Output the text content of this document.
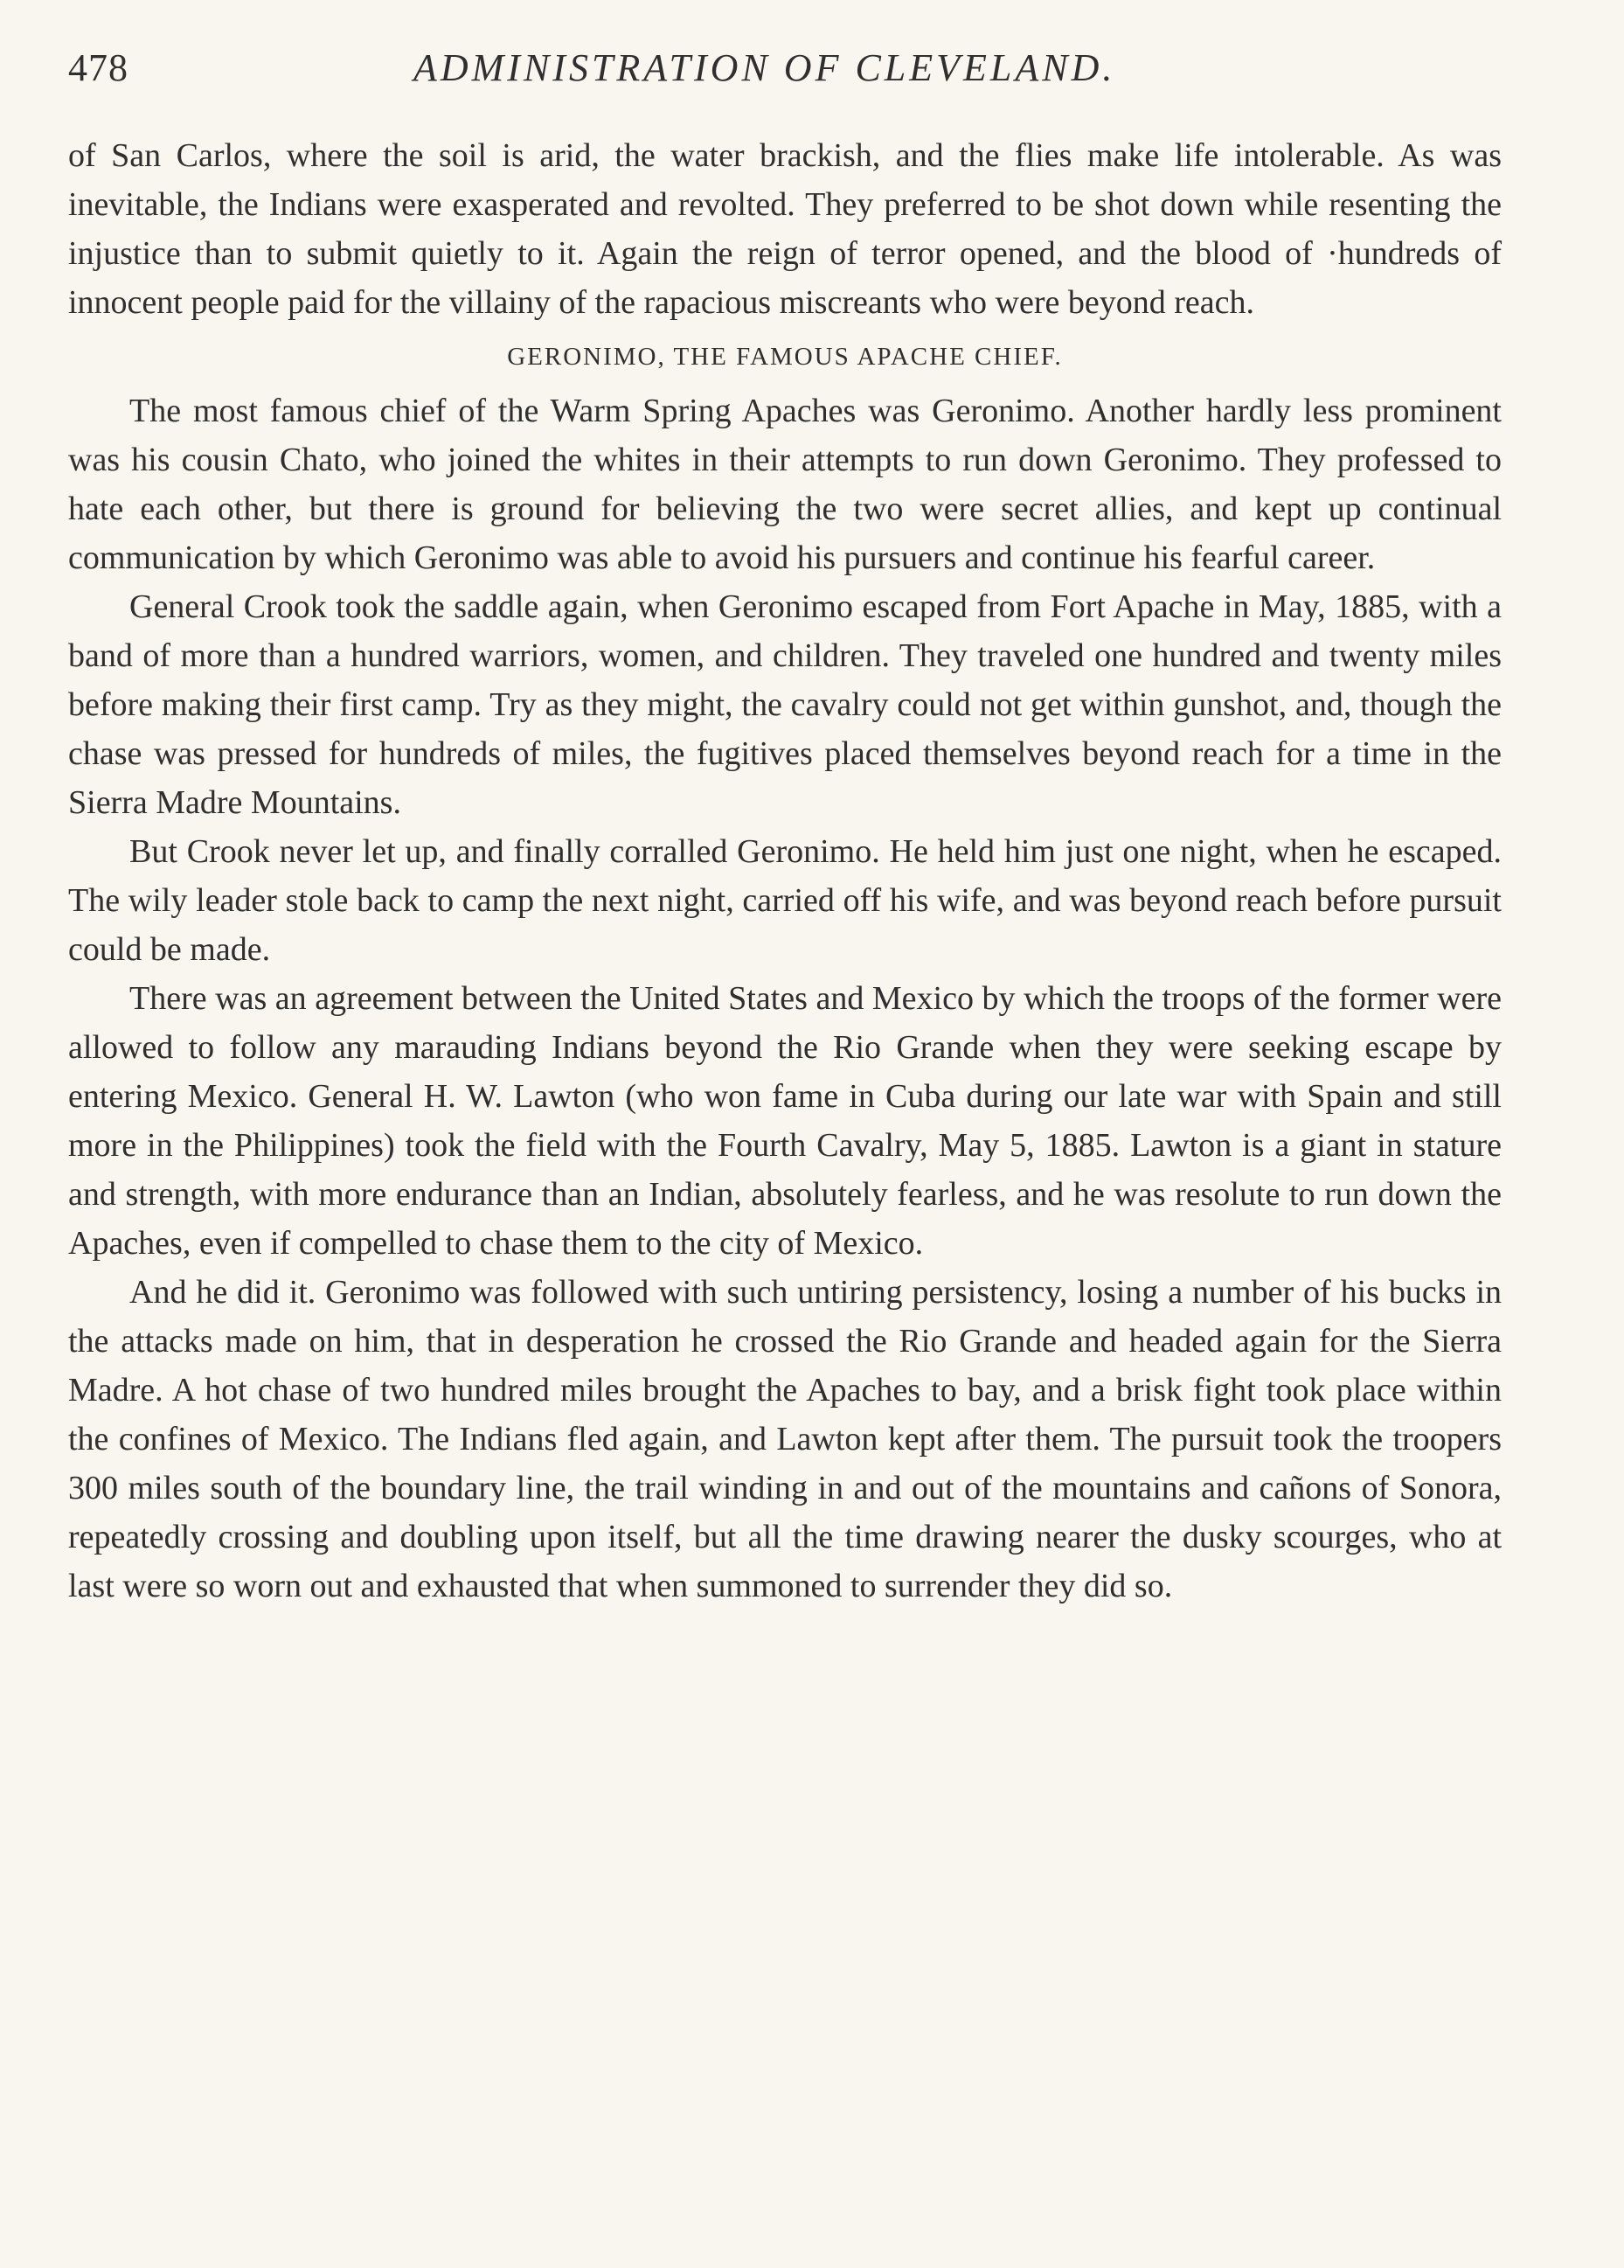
478	ADMINISTRATION OF CLEVELAND.

of San Carlos, where the soil is arid, the water brackish, and the flies make life intolerable. As was inevitable, the Indians were exasperated and revolted. They preferred to be shot down while resenting the injustice than to submit quietly to it. Again the reign of terror opened, and the blood of ·hundreds of innocent people paid for the villainy of the rapacious miscreants who were beyond reach.

GERONIMO, THE FAMOUS APACHE CHIEF.

The most famous chief of the Warm Spring Apaches was Geronimo. Another hardly less prominent was his cousin Chato, who joined the whites in their attempts to run down Geronimo. They professed to hate each other, but there is ground for believing the two were secret allies, and kept up continual communication by which Geronimo was able to avoid his pursuers and continue his fearful career.

General Crook took the saddle again, when Geronimo escaped from Fort Apache in May, 1885, with a band of more than a hundred warriors, women, and children. They traveled one hundred and twenty miles before making their first camp. Try as they might, the cavalry could not get within gunshot, and, though the chase was pressed for hundreds of miles, the fugitives placed themselves beyond reach for a time in the Sierra Madre Mountains.

But Crook never let up, and finally corralled Geronimo. He held him just one night, when he escaped. The wily leader stole back to camp the next night, carried off his wife, and was beyond reach before pursuit could be made.

There was an agreement between the United States and Mexico by which the troops of the former were allowed to follow any marauding Indians beyond the Rio Grande when they were seeking escape by entering Mexico. General H. W. Lawton (who won fame in Cuba during our late war with Spain and still more in the Philippines) took the field with the Fourth Cavalry, May 5, 1885. Lawton is a giant in stature and strength, with more endurance than an Indian, absolutely fearless, and he was resolute to run down the Apaches, even if compelled to chase them to the city of Mexico.

And he did it. Geronimo was followed with such untiring persistency, losing a number of his bucks in the attacks made on him, that in desperation he crossed the Rio Grande and headed again for the Sierra Madre. A hot chase of two hundred miles brought the Apaches to bay, and a brisk fight took place within the confines of Mexico. The Indians fled again, and Lawton kept after them. The pursuit took the troopers 300 miles south of the boundary line, the trail winding in and out of the mountains and cañons of Sonora, repeatedly crossing and doubling upon itself, but all the time drawing nearer the dusky scourges, who at last were so worn out and exhausted that when summoned to surrender they did so.
